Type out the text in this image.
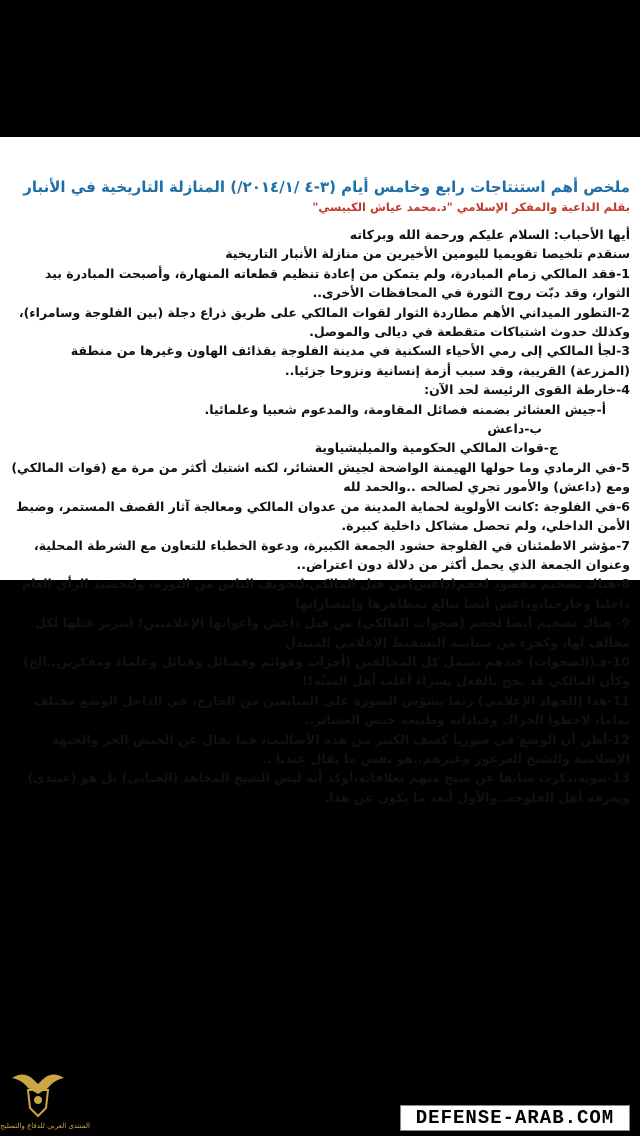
ملخص أهم استنتاجات رابع وخامس أيام (٣-٤ /٢٠١٤/١/) المنازلة التاريخية في الأنبار

بقلم الداعية والمفكر الإسلامي "د.محمد عياش الكبيسي"

أيها الأحباب: السلام عليكم ورحمة الله وبركاته

سنقدم تلخيصا تقويميا لليومين الأخيرين من منازلة الأنبار التاريخية

1-فقد المالكي زمام المبادرة، ولم يتمكن من إعادة تنظيم قطعاته المنهارة، وأصبحت المبادرة بيد الثوار، وقد دبّت روح الثورة في المحافظات الأخرى..

2-التطور الميداني الأهم مطاردة الثوار لقوات المالكي على طريق ذراع دجلة (بين الفلوجة وسامراء)، وكذلك حدوث اشتباكات متقطعة في ديالى والموصل.

3-لجأ المالكي إلى رمي الأحياء السكنية في مدينة الفلوجة بقذائف الهاون وغيرها من منطقة (المزرعة) القريبة، وقد سبب أزمة إنسانية ونزوحا جزئيا..

4-خارطة القوى الرئيسة لحد الآن:

أ-جيش العشائر بضمنه فصائل المقاومة، والمدعوم شعبيا وعلمائيا.

ب-داعش

ج-قوات المالكي الحكومية والميليشياوية

5-في الرمادي وما حولها الهيمنة الواضحة لجيش العشائر، لكنه اشتبك أكثر من مرة مع (قوات المالكي) ومع (داعش) والأمور تجري لصالحه ..والحمد لله

6-في الفلوجة :كانت الأولوية لحماية المدينة من عدوان المالكي ومعالجة آثار القصف المستمر، وضبط الأمن الداخلي، ولم تحصل مشاكل داخلية كبيرة.

7-مؤشر الاطمئنان في الفلوجة حشود الجمعة الكبيرة، ودعوة الخطباء للتعاون مع الشرطة المحلية، وعنوان الجمعة الذي يحمل أكثر من دلالة دون اعتراض..

8-هناك تضخيم مقصود لحجم(داعش)من قبل المالكي،لتخويف الناس من الثورة، ولتحشيد الرأي العام داخليا وخارجيا،وداعش أيضا تبالغ بمظاهرها وإنتصاراتها

9- هناك تضخيم أيضا لحجم (صحوات المالكي) من قبل داعش وأعوانها الإعلاميين! لتبرير قتلها لكل مخالف لها، وكجزء من سياسة التسقيط الإعلامي المبتذل

10-فـ(الصحوات) عندهم تشمل كل المخالفين (أحزاب وقوائم وفصائل وقبائل وعلماء ومفكرين..الخ) وكأن المالكي قد نجح بالفعل بشراء أغلب أهل السنّة!!

11-هذا (الجهاد الإعلامي) ربما يشوّش الصورة على المتابعين من الخارج، في الداخل الوضع مختلف تماما، لاحظوا الحراك وقياداته وطبيعة جيش العشائر..

12-أظن أن الوضع في سوريا كشف الكثير من هذه الأساليب، فما يقال عن الجيش الحر والجبهة الإسلامية والشيخ العرعور وغيرهم..هو نفس ما يقال عندنا ..

13-تنويه،ذكرت سابقا عن شيخ متهم بعلاقاته،أوكد أنه ليس الشيخ المجاهد (الجنابي) بل هو (عبيدي) ويعرفه أهل الفلوجة..والأول أبعد ما يكون عن هذا.

المنتدى العربي للدفاع والتسليح	DEFENSE-ARAB.COM
